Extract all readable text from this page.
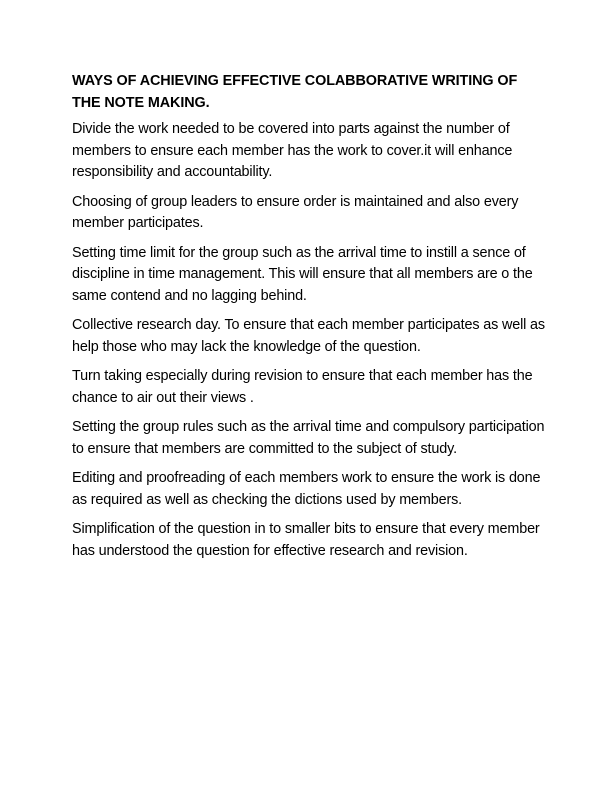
WAYS OF ACHIEVING EFFECTIVE COLABBORATIVE WRITING OF THE NOTE MAKING.

Divide the work needed to be covered into parts against the number of members to ensure each member has the work to cover.it will enhance responsibility and accountability.

Choosing of group leaders to ensure order is maintained and also every member participates.

Setting time limit for the group such as the arrival time to instill a sence of discipline in time management. This will ensure that all members are o the same contend and no lagging behind.

Collective research day. To ensure that each member participates as well as help those who may lack the knowledge of the question.

Turn taking especially during revision to ensure that each member has the chance to air out their views .

Setting the group rules such as the arrival time and compulsory participation to ensure that members are committed to the subject of study.

Editing and proofreading of each members work to ensure the work is done as required as well as checking the dictions used by members.

Simplification of the question in to smaller bits to ensure that every member has understood the question for effective research and revision.
